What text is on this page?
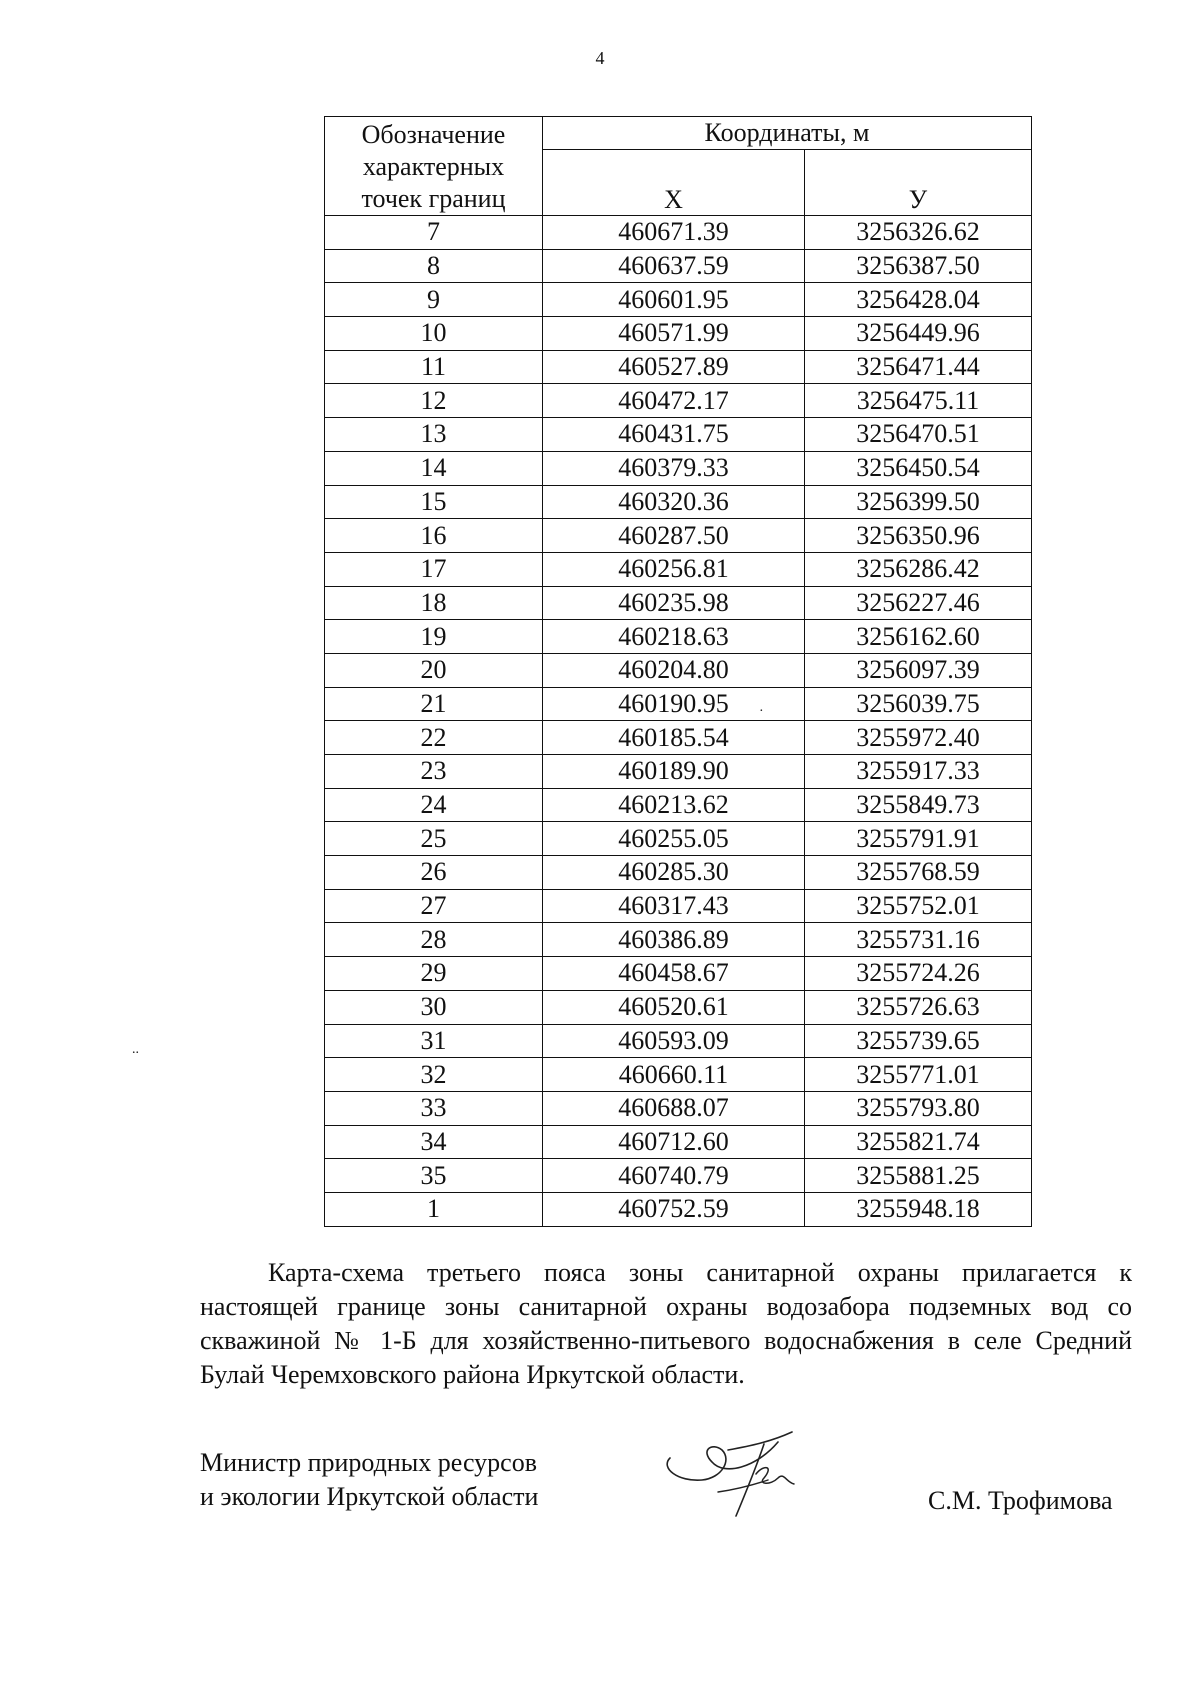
4
Обозначение
характерных
точек границ	Координаты, м	
	Х	У
7	460671.39	3256326.62
8	460637.59	3256387.50
9	460601.95	3256428.04
10	460571.99	3256449.96
11	460527.89	3256471.44
12	460472.17	3256475.11
13	460431.75	3256470.51
14	460379.33	3256450.54
15	460320.36	3256399.50
16	460287.50	3256350.96
17	460256.81	3256286.42
18	460235.98	3256227.46
19	460218.63	3256162.60
20	460204.80	3256097.39
21	460190.95	3256039.75
22	460185.54	3255972.40
23	460189.90	3255917.33
24	460213.62	3255849.73
25	460255.05	3255791.91
26	460285.30	3255768.59
27	460317.43	3255752.01
28	460386.89	3255731.16
29	460458.67	3255724.26
30	460520.61	3255726.63
31	460593.09	3255739.65
32	460660.11	3255771.01
33	460688.07	3255793.80
34	460712.60	3255821.74
35	460740.79	3255881.25
1	460752.59	3255948.18
·
..

Карта-схема третьего пояса зоны санитарной охраны прилагается к настоящей границе зоны санитарной охраны водозабора подземных вод со скважиной № 1-Б для хозяйственно-питьевого водоснабжения в селе Средний Булай Черемховского района Иркутской области.

Министр природных ресурсов
и экологии Иркутской области	С.М. Трофимова
